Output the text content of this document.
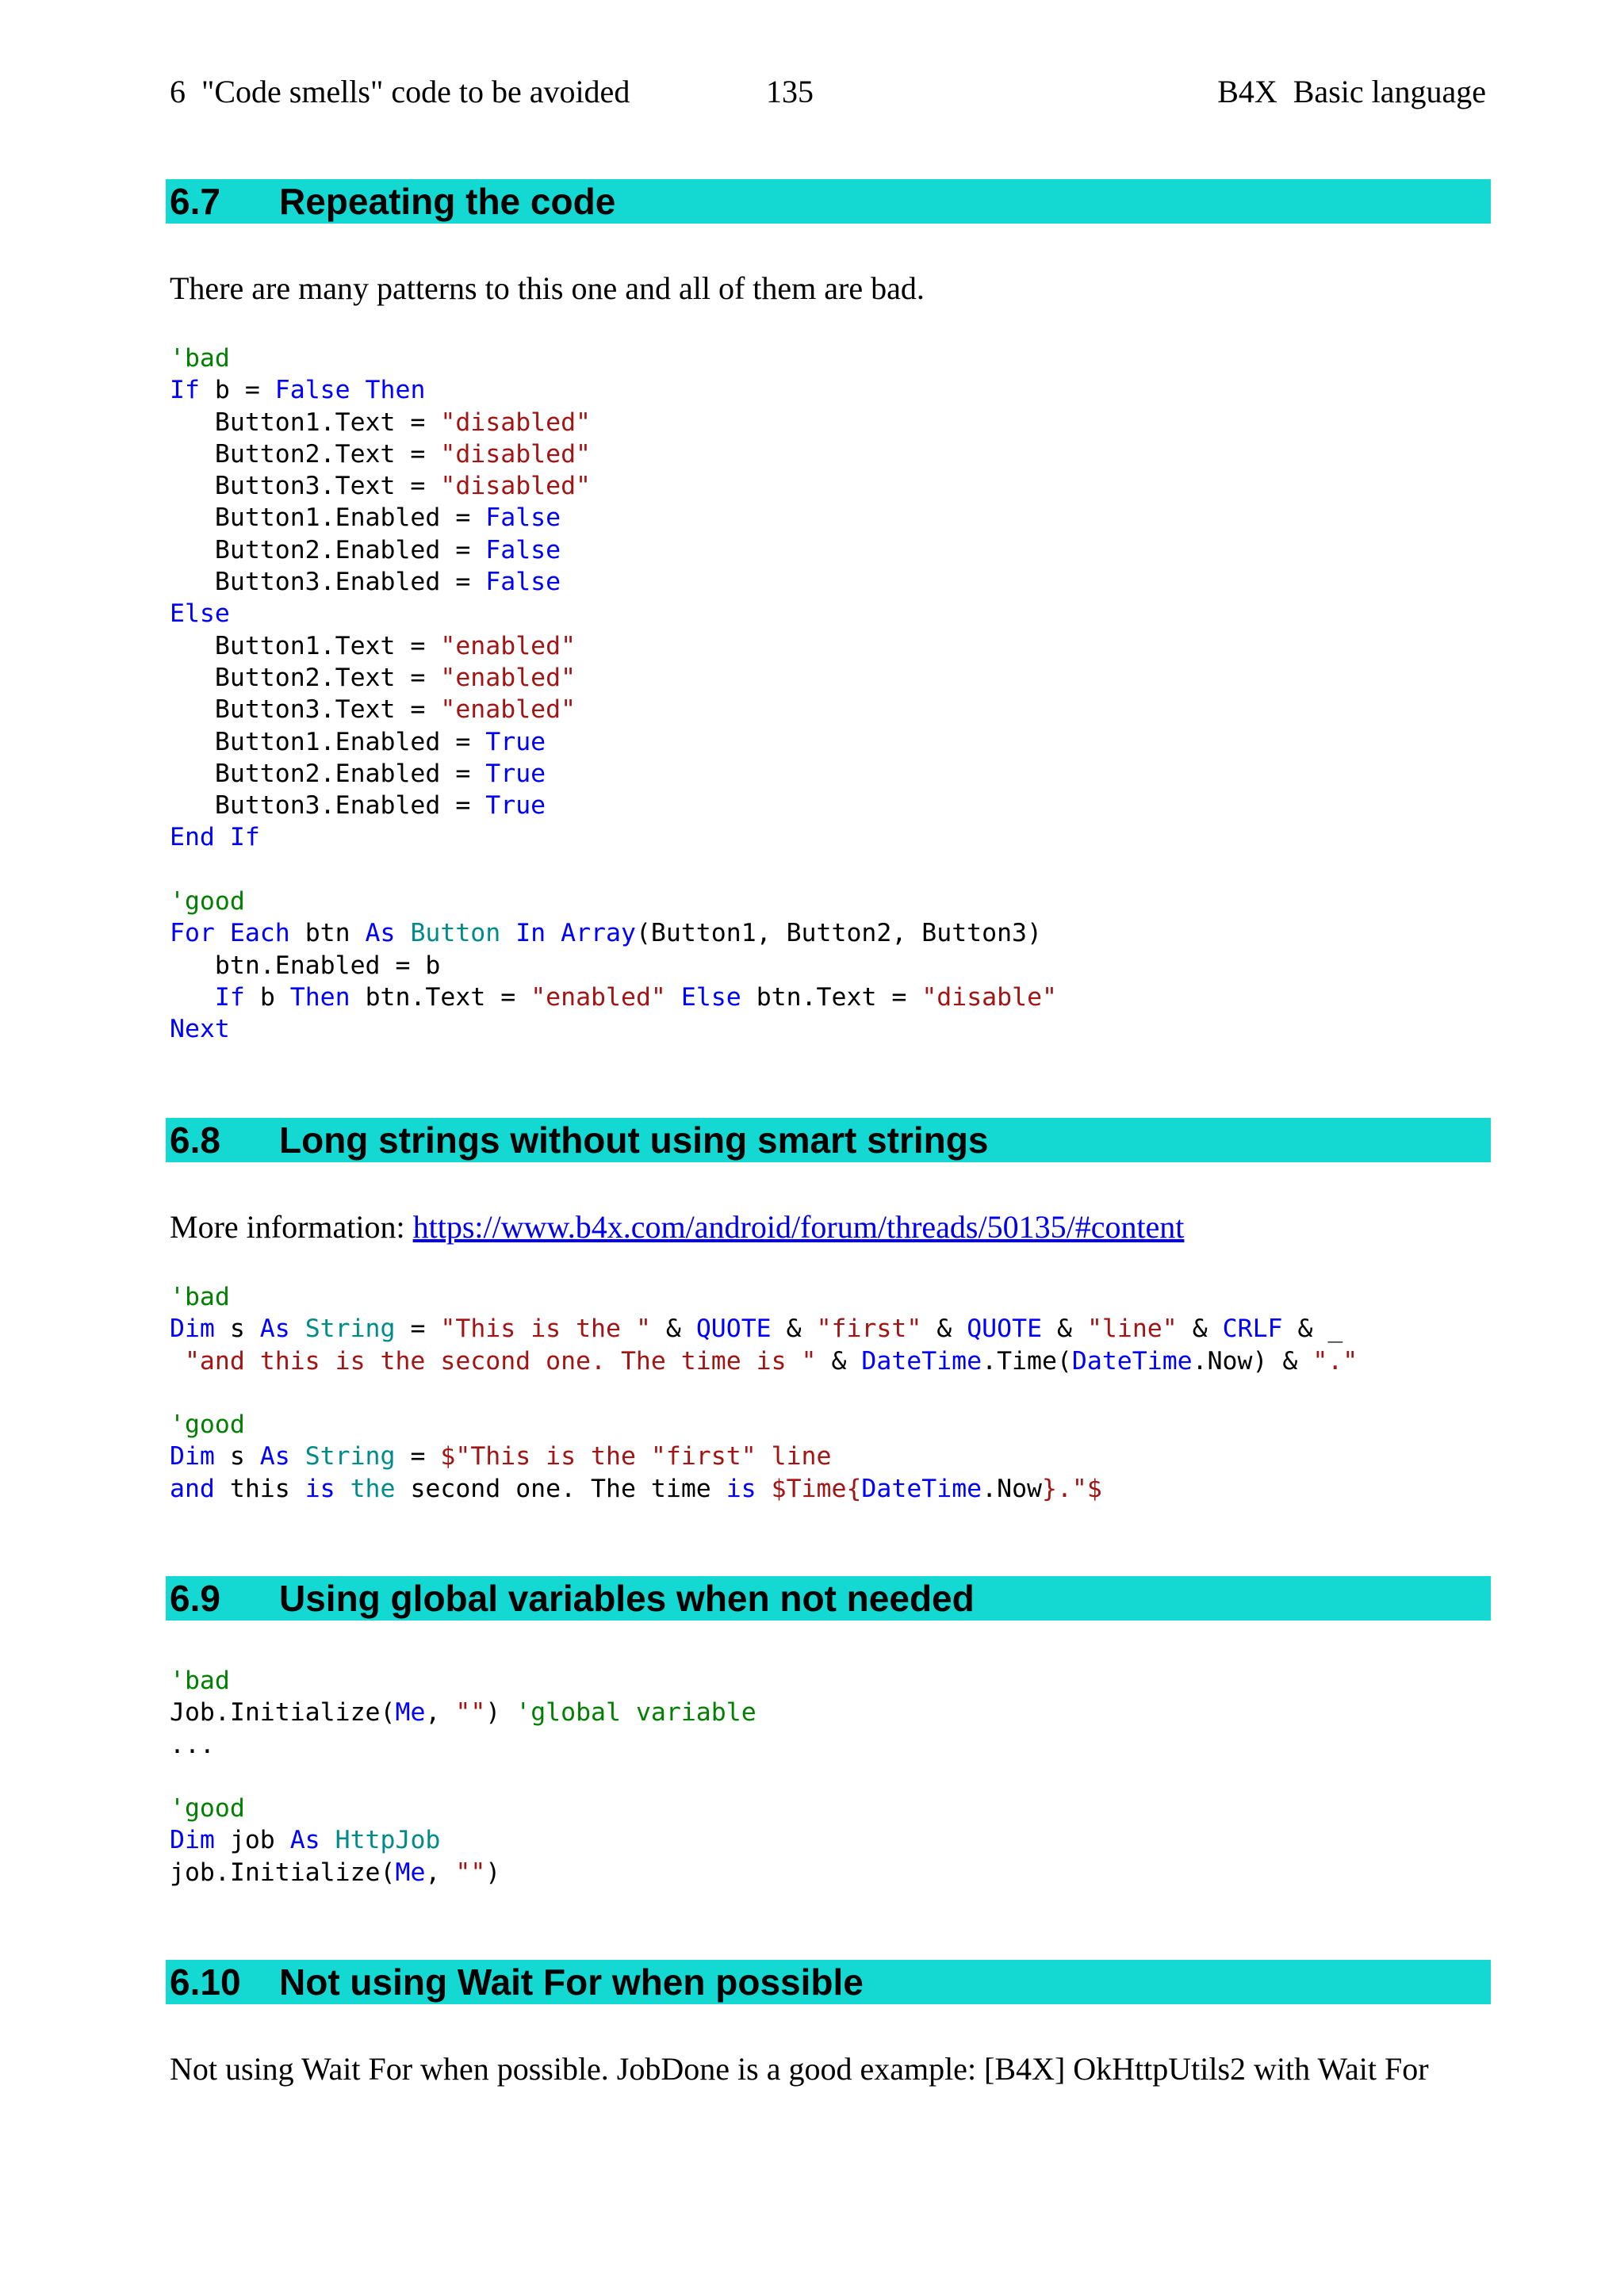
6  "Code smells" code to be avoided	135	B4X  Basic language
6.7 Repeating the code
There are many patterns to this one and all of them are bad.
'bad
If b = False Then
Button1.Text = "disabled"
Button2.Text = "disabled"
Button3.Text = "disabled"
Button1.Enabled = False
Button2.Enabled = False
Button3.Enabled = False
Else
Button1.Text = "enabled"
Button2.Text = "enabled"
Button3.Text = "enabled"
Button1.Enabled = True
Button2.Enabled = True
Button3.Enabled = True
End If
'good
For Each btn As Button In Array(Button1, Button2, Button3)
btn.Enabled = b
If b Then btn.Text = "enabled" Else btn.Text = "disable"
Next
6.8 Long strings without using smart strings
More information: https://www.b4x.com/android/forum/threads/50135/#content
'bad
Dim s As String = "This is the " & QUOTE & "first" & QUOTE & "line" & CRLF & _
"and this is the second one. The time is " & DateTime.Time(DateTime.Now) & "."
'good
Dim s As String = $"This is the "first" line
and this is the second one. The time is $Time{DateTime.Now}."$
6.9 Using global variables when not needed
'bad
Job.Initialize(Me, "") 'global variable
...
'good
Dim job As HttpJob
job.Initialize(Me, "")
6.10 Not using Wait For when possible
Not using Wait For when possible. JobDone is a good example: [B4X] OkHttpUtils2 with Wait For
